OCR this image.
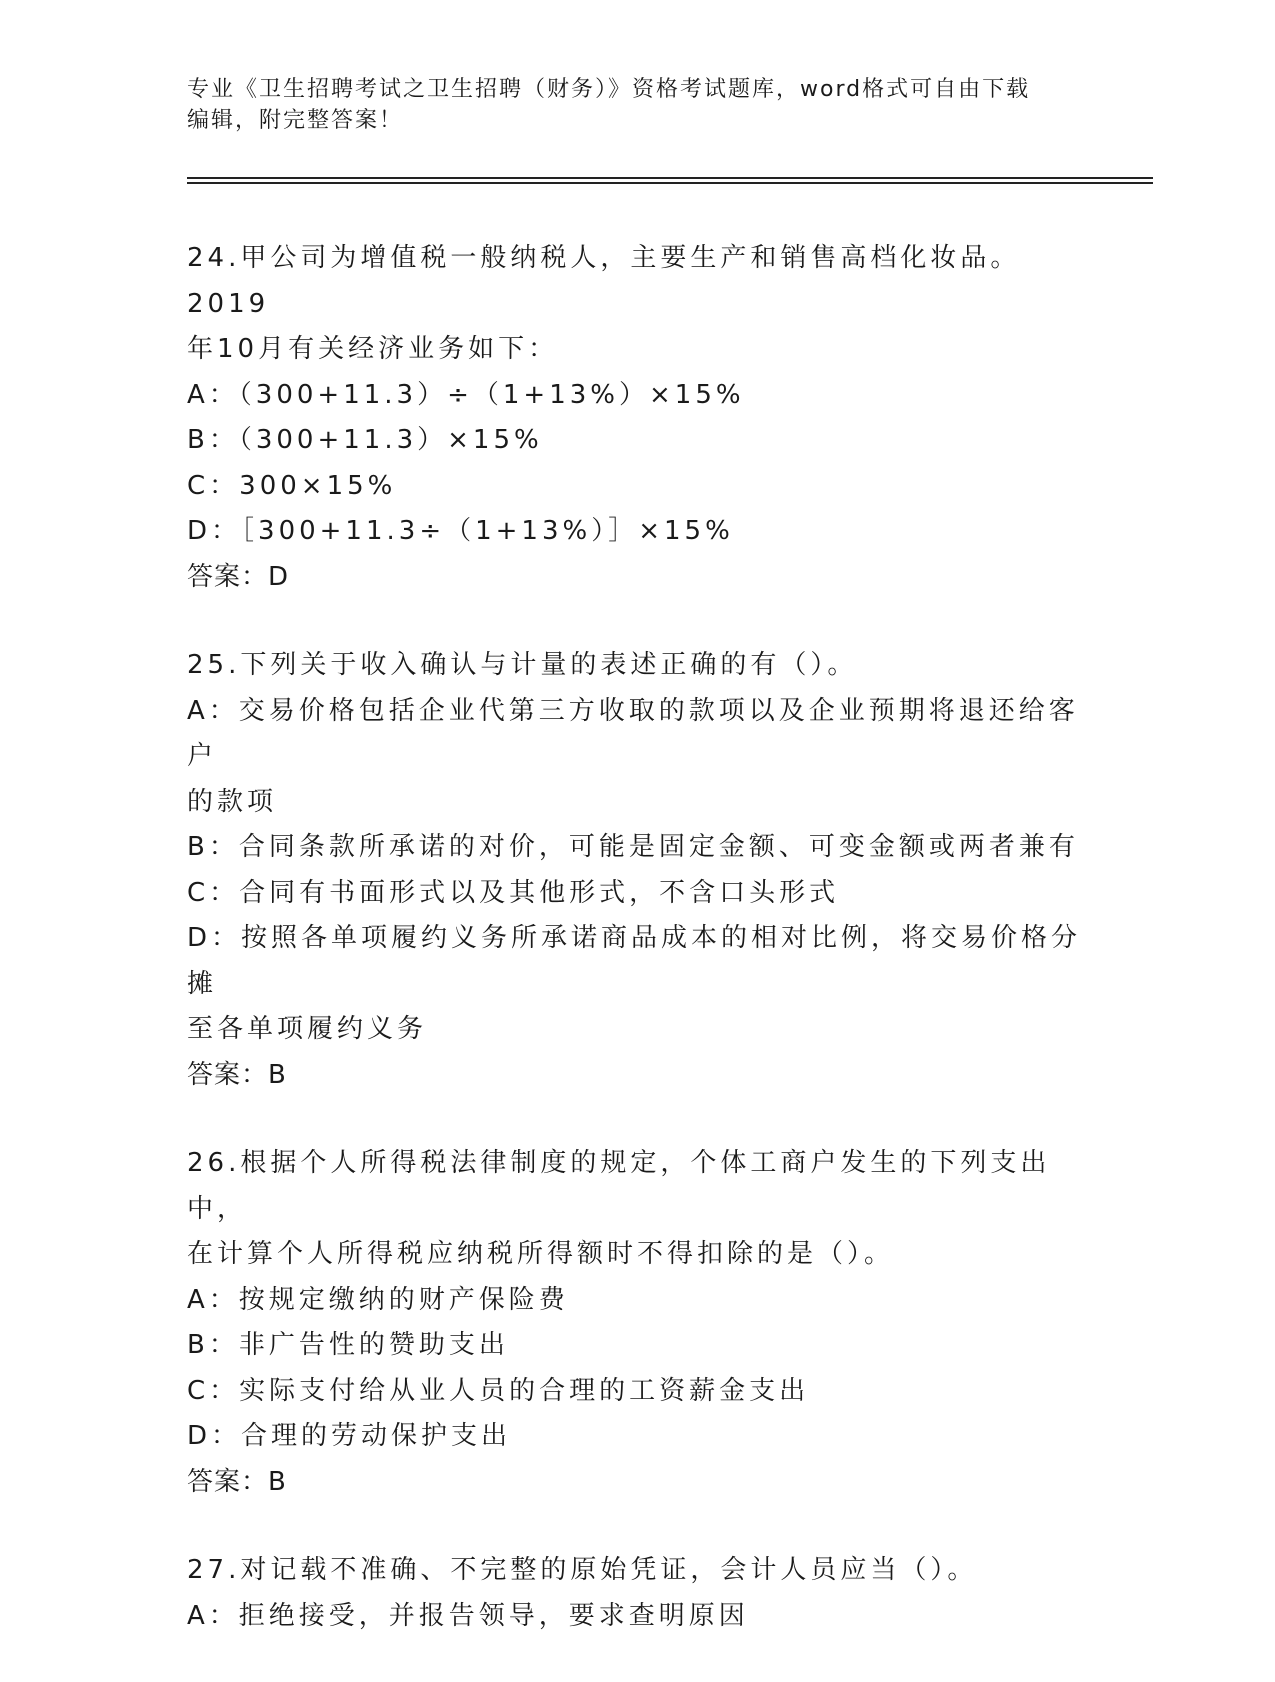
专业《卫生招聘考试之卫生招聘（财务）》资格考试题库，word格式可自由下载
编辑，附完整答案！
24.甲公司为增值税一般纳税人，主要生产和销售高档化妆品。2019
年10月有关经济业务如下：
A：（300+11.3）÷（1+13%）×15%
B：（300+11.3）×15%
C：300×15%
D：［300+11.3÷（1+13%）］×15%
答案：D
25.下列关于收入确认与计量的表述正确的有（）。
A：交易价格包括企业代第三方收取的款项以及企业预期将退还给客户
的款项
B：合同条款所承诺的对价，可能是固定金额、可变金额或两者兼有
C：合同有书面形式以及其他形式，不含口头形式
D：按照各单项履约义务所承诺商品成本的相对比例，将交易价格分摊
至各单项履约义务
答案：B
26.根据个人所得税法律制度的规定，个体工商户发生的下列支出中，
在计算个人所得税应纳税所得额时不得扣除的是（）。
A：按规定缴纳的财产保险费
B：非广告性的赞助支出
C：实际支付给从业人员的合理的工资薪金支出
D：合理的劳动保护支出
答案：B
27.对记载不准确、不完整的原始凭证，会计人员应当（）。
A：拒绝接受，并报告领导，要求查明原因
